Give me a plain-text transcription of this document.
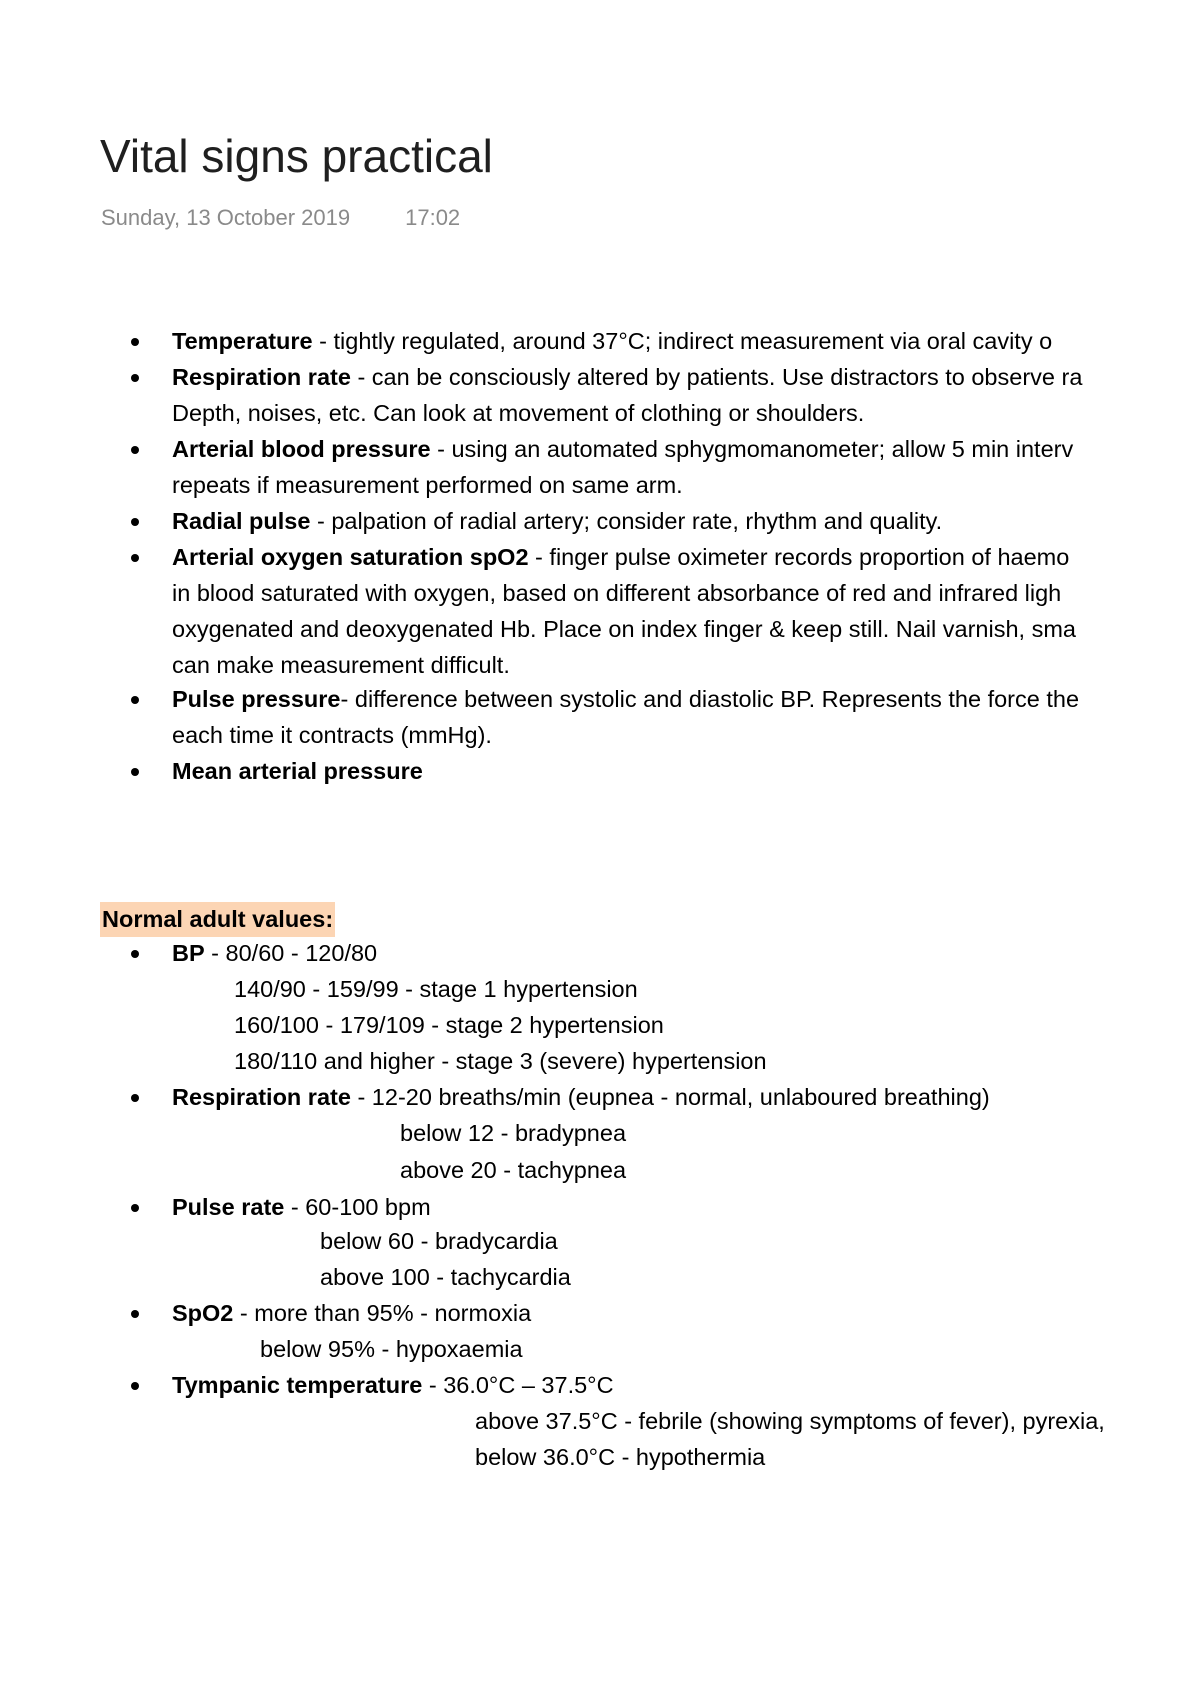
Vital signs practical
Sunday, 13 October 2019	17:02
Temperature - tightly regulated, around 37°C; indirect measurement via oral cavity o
Respiration rate - can be consciously altered by patients. Use distractors to observe ra
Depth, noises, etc. Can look at movement of clothing or shoulders.
Arterial blood pressure - using an automated sphygmomanometer; allow 5 min interv
repeats if measurement performed on same arm.
Radial pulse - palpation of radial artery; consider rate, rhythm and quality.
Arterial oxygen saturation spO2 - finger pulse oximeter records proportion of haemo
in blood saturated with oxygen, based on different absorbance of red and infrared ligh
oxygenated and deoxygenated Hb. Place on index finger & keep still. Nail varnish, sma
can make measurement difficult.
Pulse pressure- difference between systolic and diastolic BP. Represents the force the
each time it contracts (mmHg).
Mean arterial pressure
Normal adult values:
BP - 80/60 - 120/80
140/90 - 159/99 - stage 1 hypertension
160/100 - 179/109 - stage 2 hypertension
180/110 and higher - stage 3 (severe) hypertension
Respiration rate - 12-20 breaths/min (eupnea - normal, unlaboured breathing)
below 12 - bradypnea
above 20 - tachypnea
Pulse rate - 60-100 bpm
below 60 - bradycardia
above 100 - tachycardia
SpO2 - more than 95% - normoxia
below 95% - hypoxaemia
Tympanic temperature - 36.0°C – 37.5°C
above 37.5°C - febrile (showing symptoms of fever), pyrexia,
below 36.0°C - hypothermia
